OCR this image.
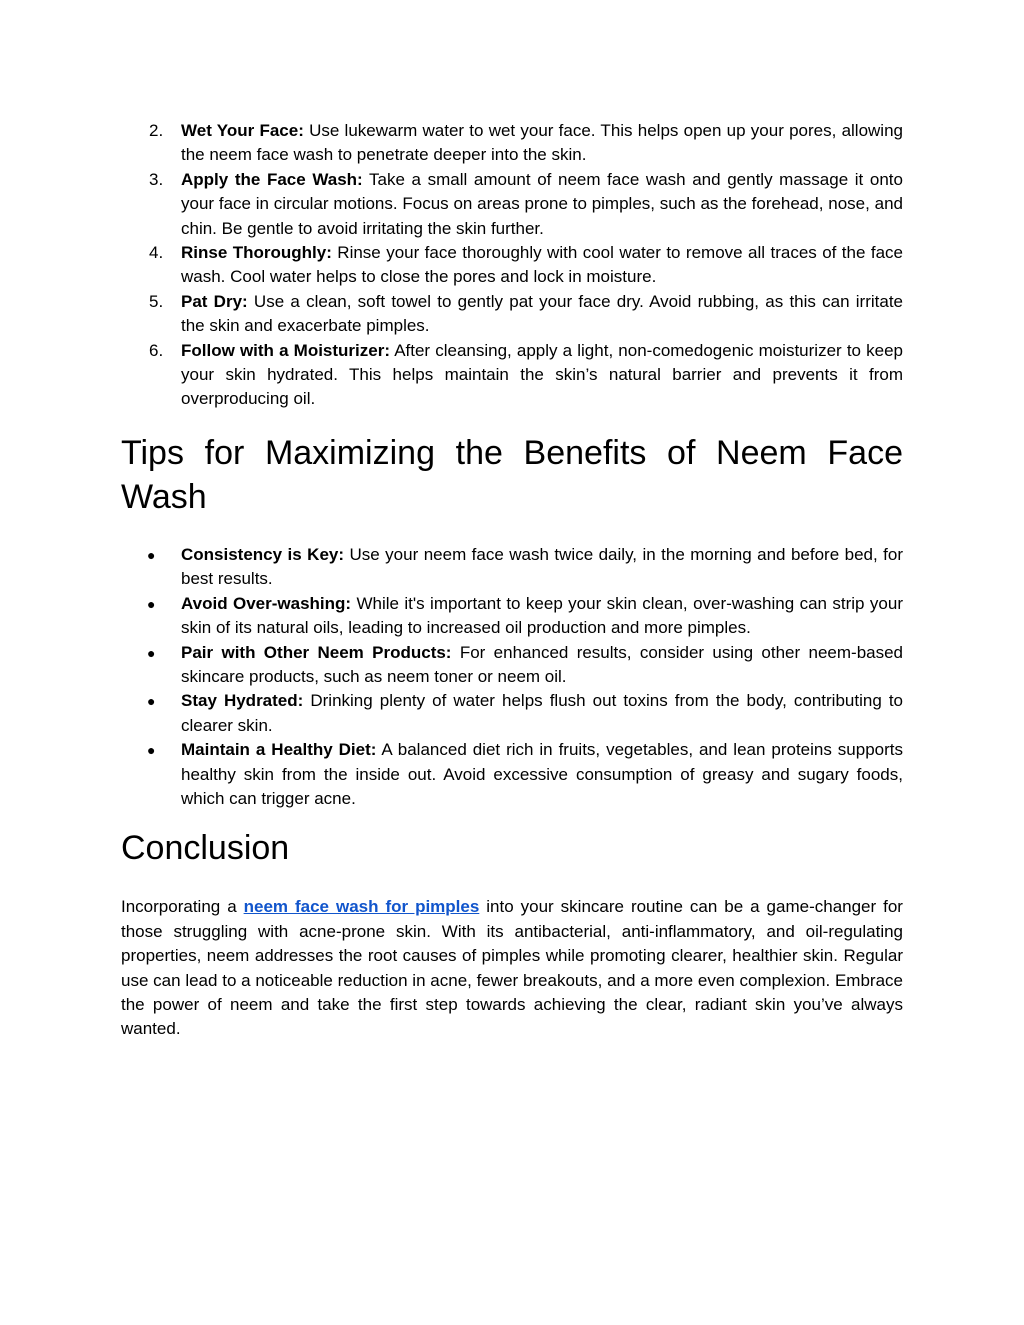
2.	Wet Your Face: Use lukewarm water to wet your face. This helps open up your pores, allowing the neem face wash to penetrate deeper into the skin.
3.	Apply the Face Wash: Take a small amount of neem face wash and gently massage it onto your face in circular motions. Focus on areas prone to pimples, such as the forehead, nose, and chin. Be gentle to avoid irritating the skin further.
4.	Rinse Thoroughly: Rinse your face thoroughly with cool water to remove all traces of the face wash. Cool water helps to close the pores and lock in moisture.
5.	Pat Dry: Use a clean, soft towel to gently pat your face dry. Avoid rubbing, as this can irritate the skin and exacerbate pimples.
6.	Follow with a Moisturizer: After cleansing, apply a light, non-comedogenic moisturizer to keep your skin hydrated. This helps maintain the skin’s natural barrier and prevents it from overproducing oil.
Tips for Maximizing the Benefits of Neem Face Wash
●	Consistency is Key: Use your neem face wash twice daily, in the morning and before bed, for best results.
●	Avoid Over-washing: While it's important to keep your skin clean, over-washing can strip your skin of its natural oils, leading to increased oil production and more pimples.
●	Pair with Other Neem Products: For enhanced results, consider using other neem-based skincare products, such as neem toner or neem oil.
●	Stay Hydrated: Drinking plenty of water helps flush out toxins from the body, contributing to clearer skin.
●	Maintain a Healthy Diet: A balanced diet rich in fruits, vegetables, and lean proteins supports healthy skin from the inside out. Avoid excessive consumption of greasy and sugary foods, which can trigger acne.
Conclusion

Incorporating a neem face wash for pimples into your skincare routine can be a game-changer for those struggling with acne-prone skin. With its antibacterial, anti-inflammatory, and oil-regulating properties, neem addresses the root causes of pimples while promoting clearer, healthier skin. Regular use can lead to a noticeable reduction in acne, fewer breakouts, and a more even complexion. Embrace the power of neem and take the first step towards achieving the clear, radiant skin you’ve always wanted.
